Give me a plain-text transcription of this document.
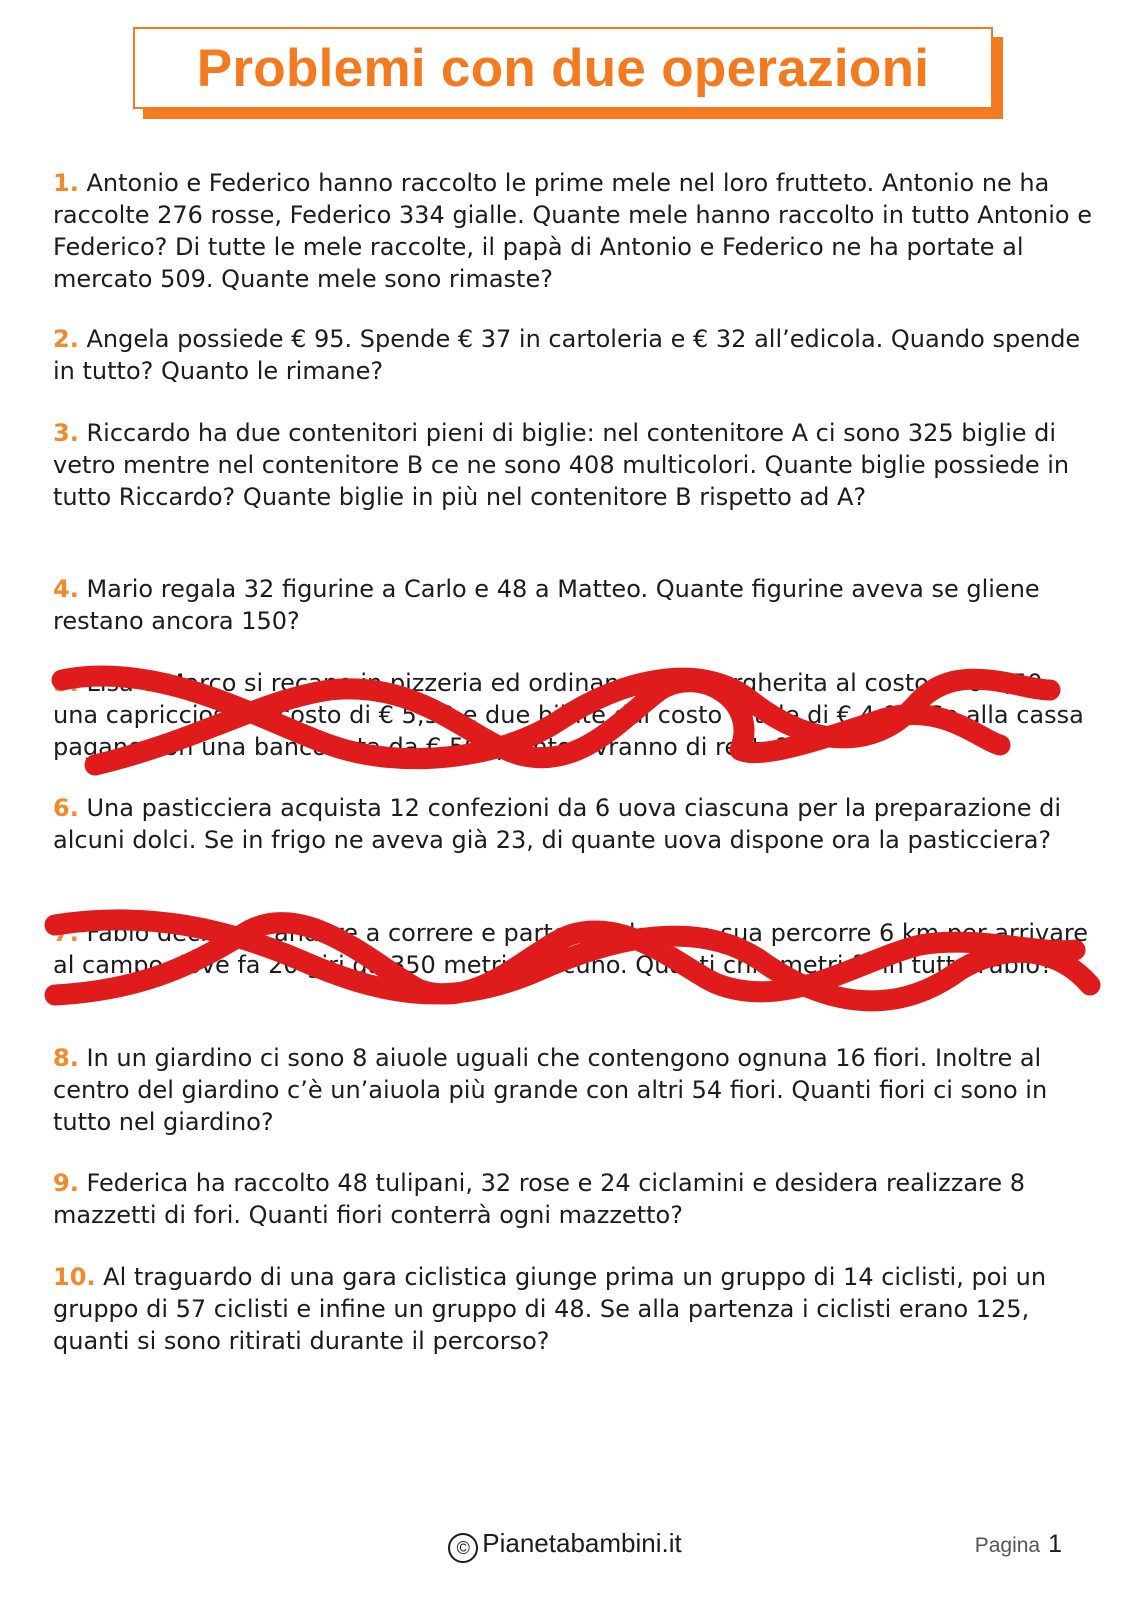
Problemi con due operazioni

1. Antonio e Federico hanno raccolto le prime mele nel loro frutteto. Antonio ne ha raccolte 276 rosse, Federico 334 gialle. Quante mele hanno raccolto in tutto Antonio e Federico? Di tutte le mele raccolte, il papà di Antonio e Federico ne ha portate al mercato 509. Quante mele sono rimaste?

2. Angela possiede € 95. Spende € 37 in cartoleria e € 32 all’edicola. Quando spende in tutto? Quanto le rimane?

3. Riccardo ha due contenitori pieni di biglie: nel contenitore A ci sono 325 biglie di vetro mentre nel contenitore B ce ne sono 408 multicolori. Quante biglie possiede in tutto Riccardo? Quante biglie in più nel contenitore B rispetto ad A?

4. Mario regala 32 figurine a Carlo e 48 a Matteo. Quante figurine aveva se gliene restano ancora 150?

5. Lisa e Marco si recano in pizzeria ed ordinano una margherita al costo di € 4,50, una capricciosa al costo di € 5,50 e due bibite dal costo totale di € 4,00. Se alla cassa pagano con una banconota da € 50 quanto avranno di resto?

6. Una pasticciera acquista 12 confezioni da 6 uova ciascuna per la preparazione di alcuni dolci. Se in frigo ne aveva già 23, di quante uova dispone ora la pasticciera?

7. Fabio decide di andare a correre e partendo da casa sua percorre 6 km per arrivare al campo dove fa 20 giri da 350 metri ciascuno. Quanti chilometri fa in tutto Fabio?

8. In un giardino ci sono 8 aiuole uguali che contengono ognuna 16 fiori. Inoltre al centro del giardino c’è un’aiuola più grande con altri 54 fiori. Quanti fiori ci sono in tutto nel giardino?

9. Federica ha raccolto 48 tulipani, 32 rose e 24 ciclamini e desidera realizzare 8 mazzetti di fori. Quanti fiori conterrà ogni mazzetto?

10. Al traguardo di una gara ciclistica giunge prima un gruppo di 14 ciclisti, poi un gruppo di 57 ciclisti e infine un gruppo di 48. Se alla partenza i ciclisti erano 125, quanti si sono ritirati durante il percorso?

© Pianetabambini.it	Pagina 1
